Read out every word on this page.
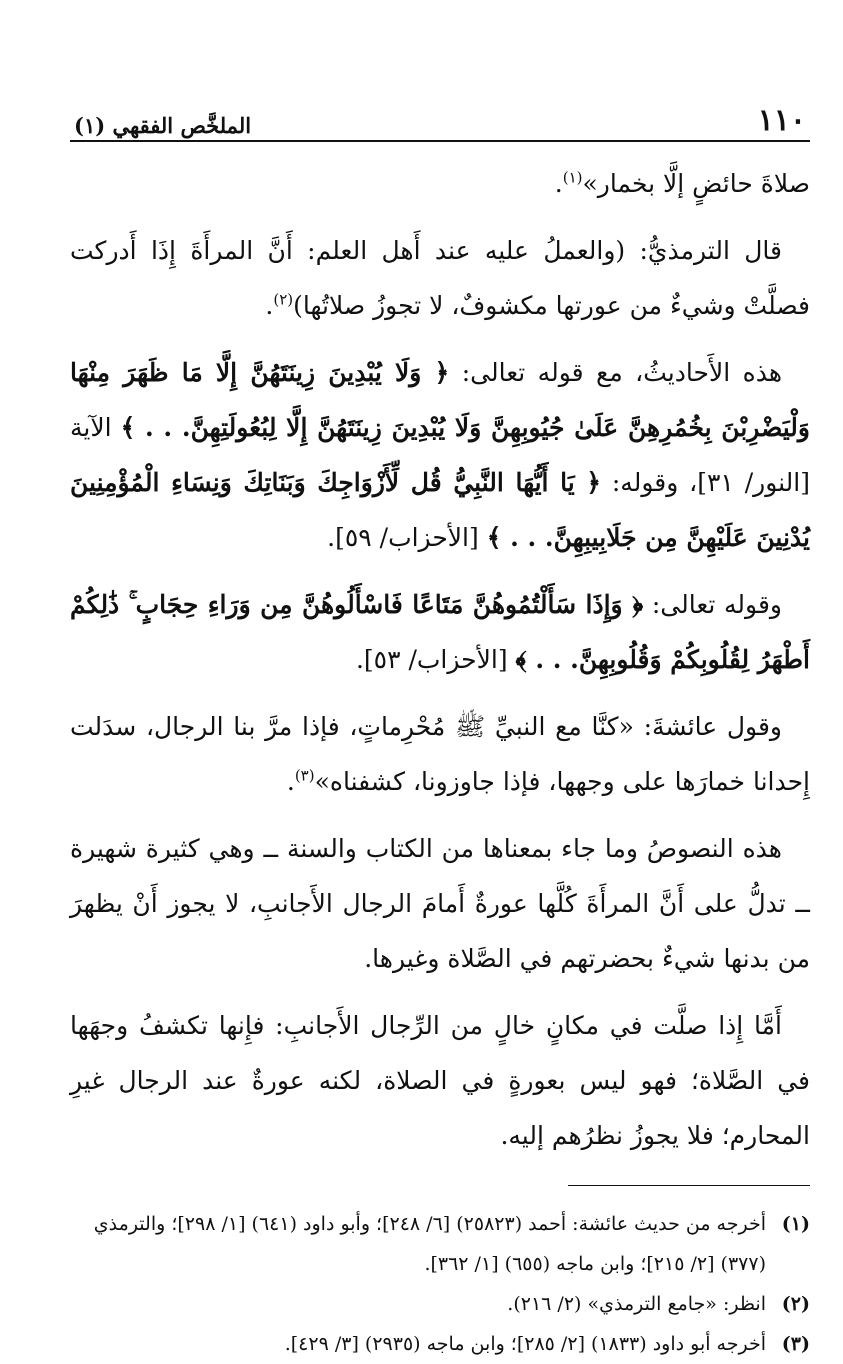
١١٠
الملخَّص الفقهي (١)

صلاةَ حائضٍ إلَّا بخمار»$^{(١)}$.

قال الترمذيُّ: (والعملُ عليه عند أَهل العلم: أَنَّ المرأَةَ إِذَا أَدركت فصلَّتْ وشيءٌ من عورتها مكشوفٌ، لا تجوزُ صلاتُها)$^{(٢)}$.

هذه الأَحاديثُ، مع قوله تعالى: ﴿ وَلَا يُبْدِينَ زِينَتَهُنَّ إِلَّا مَا ظَهَرَ مِنْهَا وَلْيَضْرِبْنَ بِخُمُرِهِنَّ عَلَىٰ جُيُوبِهِنَّ وَلَا يُبْدِينَ زِينَتَهُنَّ إِلَّا لِبُعُولَتِهِنَّ. . . ﴾ الآية [النور/ ٣١]، وقوله: ﴿ يَا أَيُّهَا النَّبِيُّ قُل لِّأَزْوَاجِكَ وَبَنَاتِكَ وَنِسَاءِ الْمُؤْمِنِينَ يُدْنِينَ عَلَيْهِنَّ مِن جَلَابِيبِهِنَّ. . . ﴾ [الأحزاب/ ٥٩].

وقوله تعالى: ﴿ وَإِذَا سَأَلْتُمُوهُنَّ مَتَاعًا فَاسْأَلُوهُنَّ مِن وَرَاءِ حِجَابٍ ۚ ذَٰلِكُمْ أَطْهَرُ لِقُلُوبِكُمْ وَقُلُوبِهِنَّ. . . ﴾ [الأحزاب/ ٥٣].

وقول عائشةَ: «كنَّا مع النبيِّ ﷺ مُحْرِماتٍ، فإذا مرَّ بنا الرجال، سدَلت إِحدانا خمارَها على وجهها، فإذا جاوزونا، كشفناه»$^{(٣)}$.

هذه النصوصُ وما جاء بمعناها من الكتاب والسنة ــ وهي كثيرة شهيرة ــ تدلُّ على أَنَّ المرأَةَ كُلَّها عورةٌ أَمامَ الرجال الأَجانبِ، لا يجوز أَنْ يظهرَ من بدنها شيءٌ بحضرتهم في الصَّلاة وغيرها.

أَمَّا إِذا صلَّت في مكانٍ خالٍ من الرِّجال الأَجانبِ: فإِنها تكشفُ وجهَها في الصَّلاة؛ فهو ليس بعورةٍ في الصلاة، لكنه عورةٌ عند الرجال غيرِ المحارم؛ فلا يجوزُ نظرُهم إليه.

(١)
أخرجه من حديث عائشة: أحمد (٢٥٨٢٣) [٦/ ٢٤٨]؛ وأبو داود (٦٤١) [١/ ٢٩٨]؛ والترمذي (٣٧٧) [٢/ ٢١٥]؛ وابن ماجه (٦٥٥) [١/ ٣٦٢].

(٢)
انظر: «جامع الترمذي» (٢/ ٢١٦).

(٣)
أخرجه أبو داود (١٨٣٣) [٢/ ٢٨٥]؛ وابن ماجه (٢٩٣٥) [٣/ ٤٢٩].
